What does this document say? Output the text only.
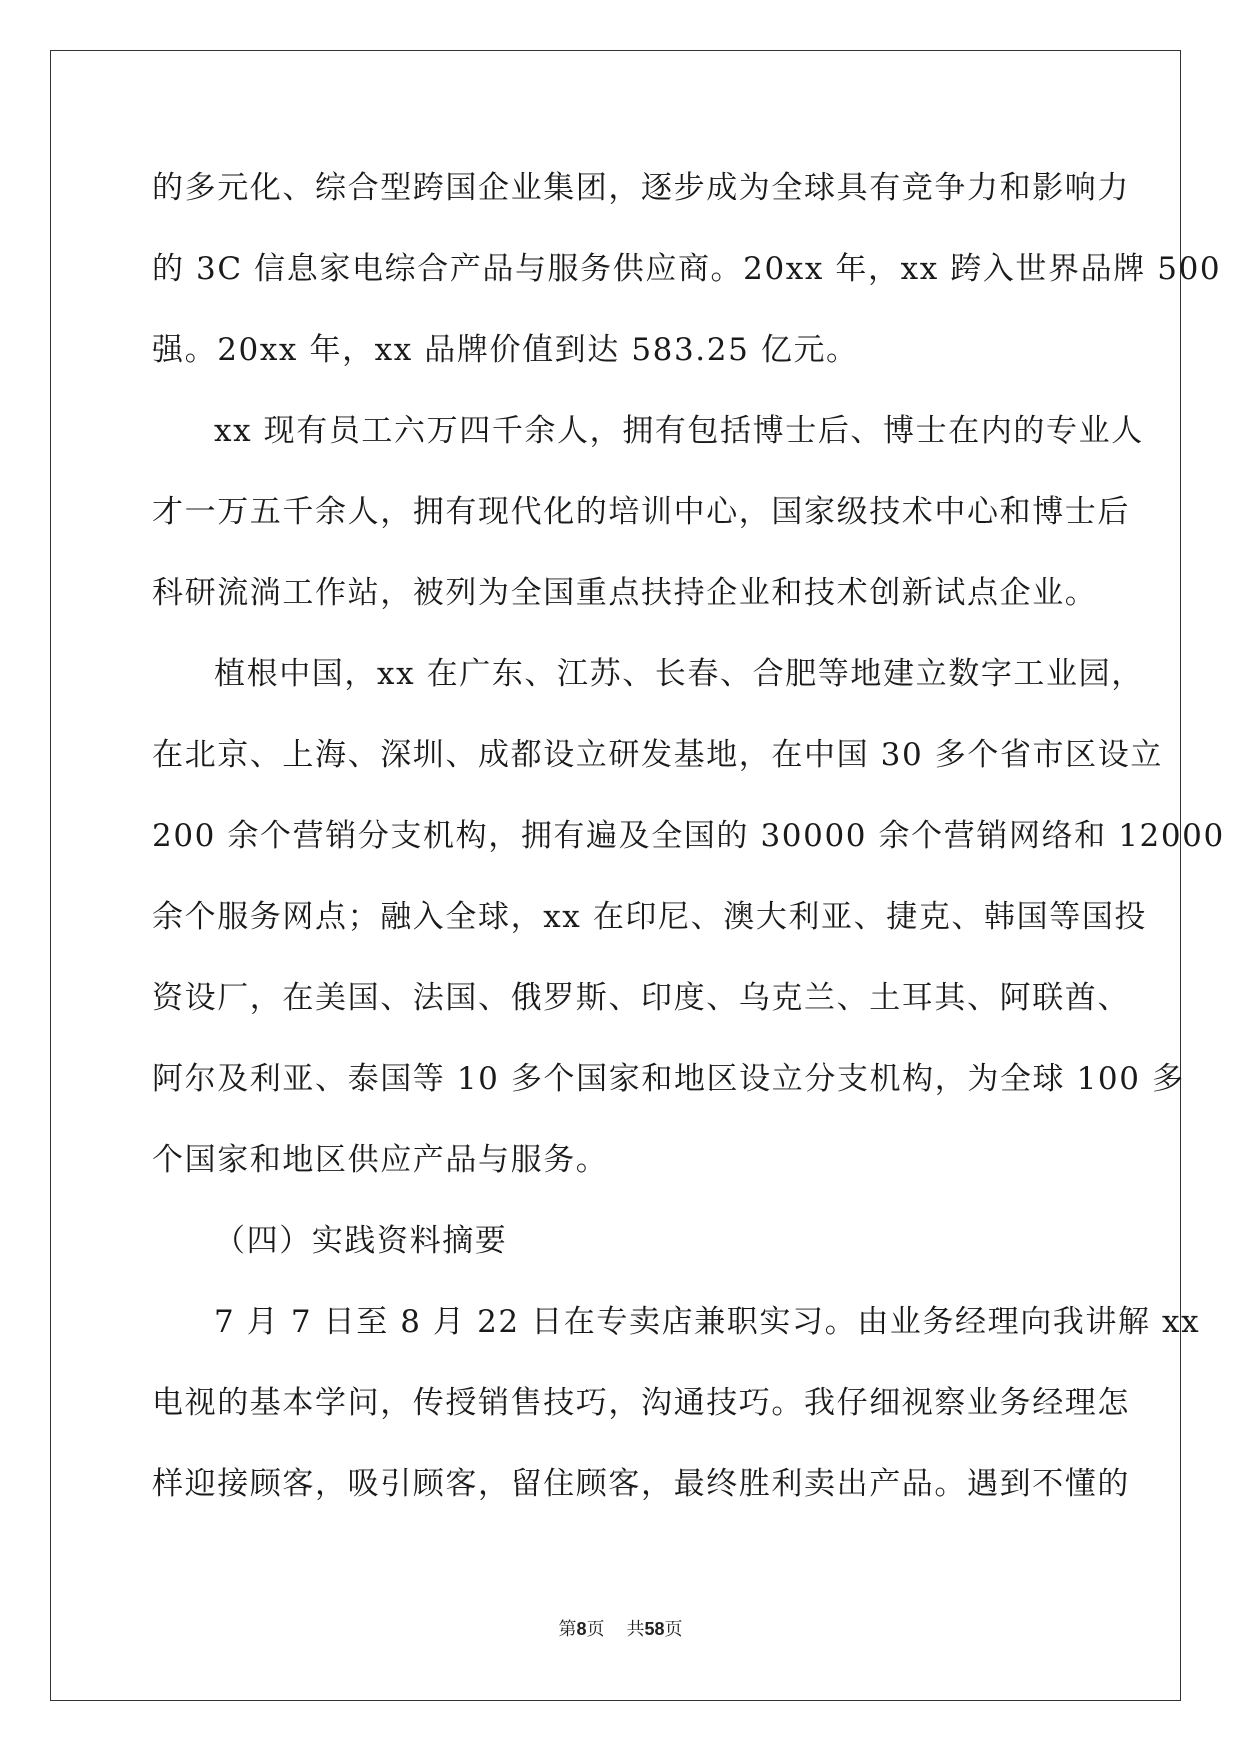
的多元化、综合型跨国企业集团，逐步成为全球具有竞争力和影响力
的 3C 信息家电综合产品与服务供应商。20xx 年，xx 跨入世界品牌 500
强。20xx 年，xx 品牌价值到达 583.25 亿元。
xx 现有员工六万四千余人，拥有包括博士后、博士在内的专业人
才一万五千余人，拥有现代化的培训中心，国家级技术中心和博士后
科研流淌工作站，被列为全国重点扶持企业和技术创新试点企业。
植根中国，xx 在广东、江苏、长春、合肥等地建立数字工业园，
在北京、上海、深圳、成都设立研发基地，在中国 30 多个省市区设立
200 余个营销分支机构，拥有遍及全国的 30000 余个营销网络和 12000
余个服务网点；融入全球，xx 在印尼、澳大利亚、捷克、韩国等国投
资设厂，在美国、法国、俄罗斯、印度、乌克兰、土耳其、阿联酋、
阿尔及利亚、泰国等 10 多个国家和地区设立分支机构，为全球 100 多
个国家和地区供应产品与服务。
（四）实践资料摘要
7 月 7 日至 8 月 22 日在专卖店兼职实习。由业务经理向我讲解 xx
电视的基本学问，传授销售技巧，沟通技巧。我仔细视察业务经理怎
样迎接顾客，吸引顾客，留住顾客，最终胜利卖出产品。遇到不懂的
第8页 共58页
